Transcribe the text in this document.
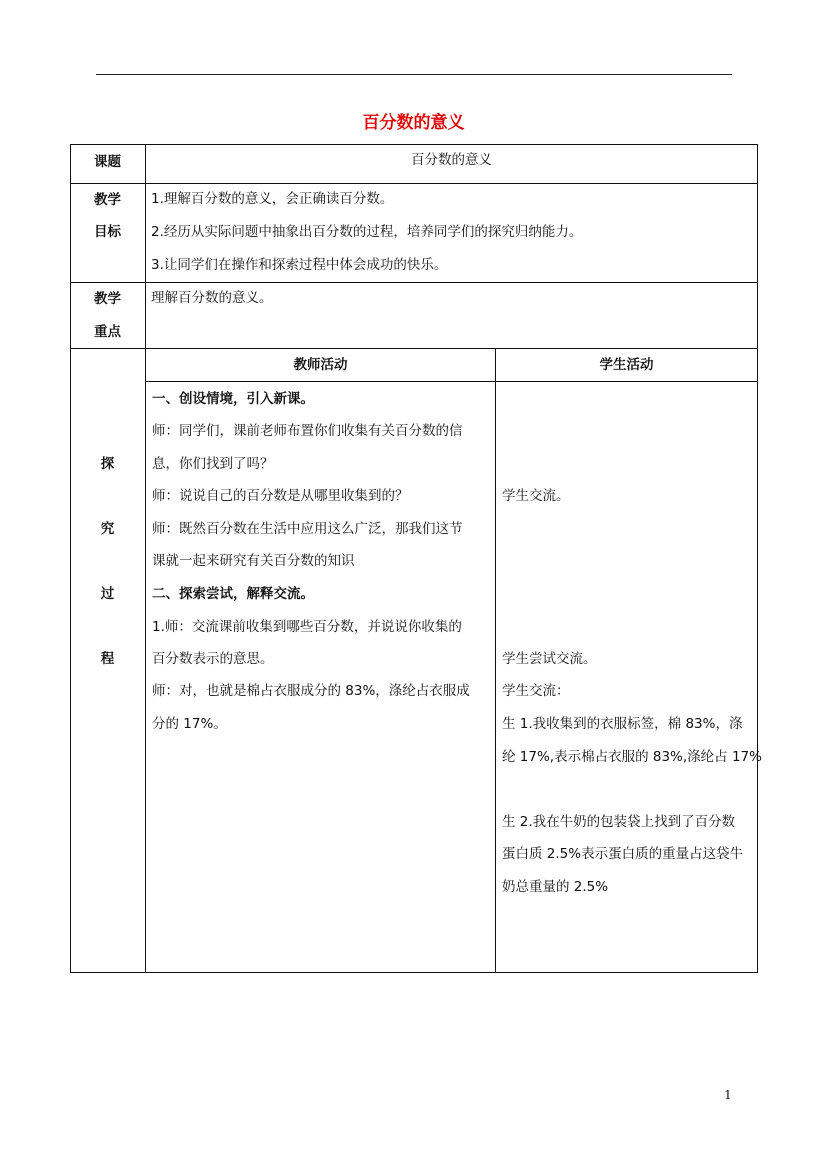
百分数的意义
课题	百分数的意义
教学
目标
1.理解百分数的意义，会正确读百分数。
2.经历从实际问题中抽象出百分数的过程，培养同学们的探究归纳能力。
3.让同学们在操作和探索过程中体会成功的快乐。
教学
重点
理解百分数的意义。
探
究
过
程
教师活动	学生活动
一、创设情境，引入新课。
师：同学们，课前老师布置你们收集有关百分数的信
息，你们找到了吗？
师：说说自己的百分数是从哪里收集到的？
师：既然百分数在生活中应用这么广泛，那我们这节
课就一起来研究有关百分数的知识
二、探索尝试，解释交流。
1.师：交流课前收集到哪些百分数，并说说你收集的
百分数表示的意思。
师：对，也就是棉占衣服成分的 83%，涤纶占衣服成
分的 17%。
学生交流。
学生尝试交流。
学生交流：
生 1.我收集到的衣服标签，棉 83%，涤
纶 17%,表示棉占衣服的 83%,涤纶占 17%
生 2.我在牛奶的包装袋上找到了百分数
蛋白质 2.5%表示蛋白质的重量占这袋牛
奶总重量的 2.5%
1
